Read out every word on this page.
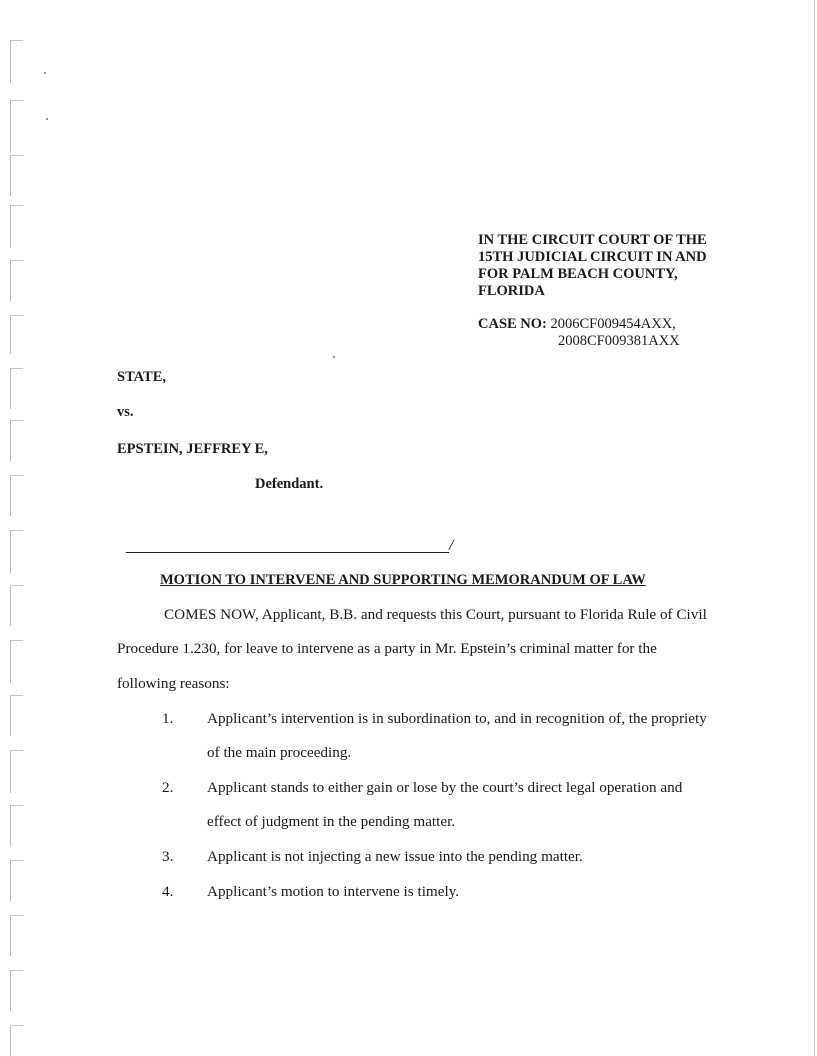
IN THE CIRCUIT COURT OF THE
15TH JUDICIAL CIRCUIT IN AND
FOR PALM BEACH COUNTY,
FLORIDA
CASE NO: 2006CF009454AXX,
2008CF009381AXX
STATE,
vs.
EPSTEIN, JEFFREY E,
Defendant.
/
MOTION TO INTERVENE AND SUPPORTING MEMORANDUM OF LAW
COMES NOW, Applicant, B.B. and requests this Court, pursuant to Florida Rule of Civil
Procedure 1.230, for leave to intervene as a party in Mr. Epstein’s criminal matter for the
following reasons:
1. Applicant’s intervention is in subordination to, and in recognition of, the propriety
of the main proceeding.
2. Applicant stands to either gain or lose by the court’s direct legal operation and
effect of judgment in the pending matter.
3. Applicant is not injecting a new issue into the pending matter.
4. Applicant’s motion to intervene is timely.
